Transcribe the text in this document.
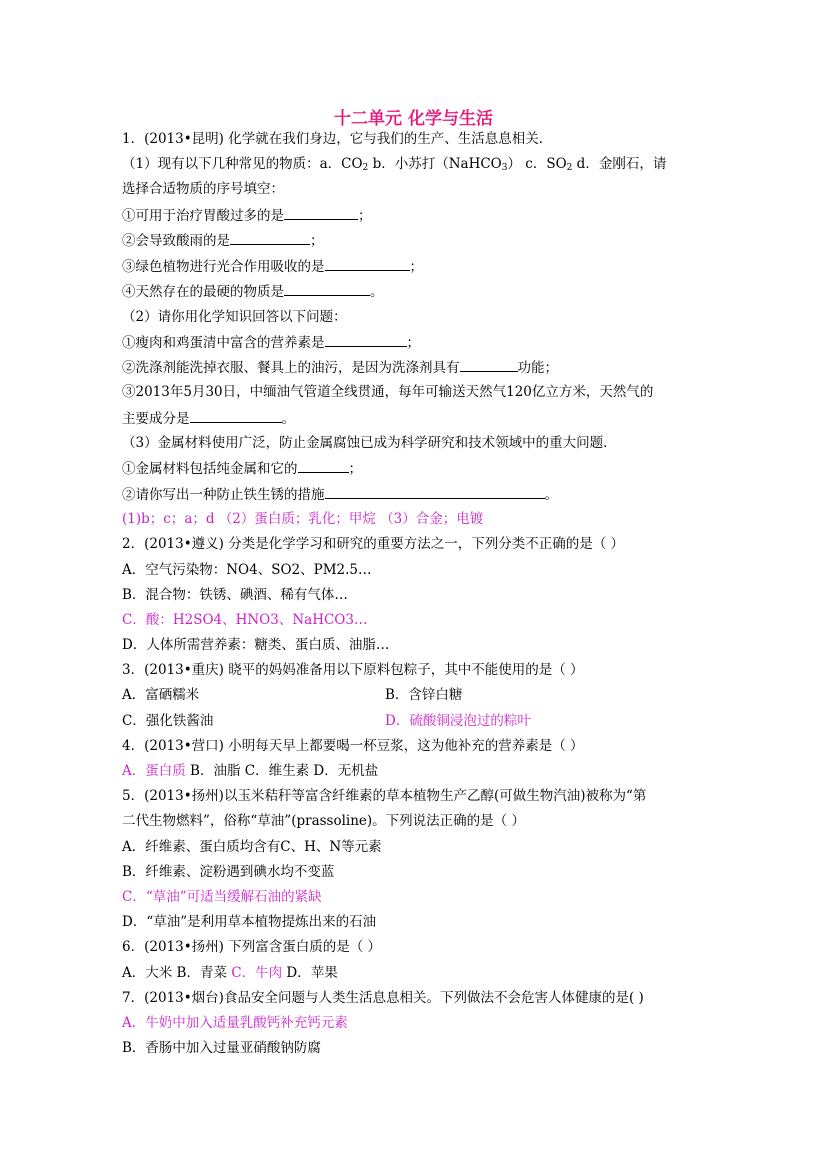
十二单元 化学与生活
1．(2013•昆明) 化学就在我们身边，它与我们的生产、生活息息相关．
（1）现有以下几种常见的物质：a．$CO_2$ b．小苏打（NaHCO$_3$） c．$SO_2$ d．金刚石，请
选择合适物质的序号填空：
①可用于治疗胃酸过多的是	；
②会导致酸雨的是	；
③绿色植物进行光合作用吸收的是	；
④天然存在的最硬的物质是	。
（2）请你用化学知识回答以下问题：
①瘦肉和鸡蛋清中富含的营养素是	；
②洗涤剂能洗掉衣服、餐具上的油污，是因为洗涤剂具有	功能；
③2013年5月30日，中缅油气管道全线贯通，每年可输送天然气120亿立方米，天然气的
主要成分是	。
（3）金属材料使用广泛，防止金属腐蚀已成为科学研究和技术领域中的重大问题．
①金属材料包括纯金属和它的	；
②请你写出一种防止铁生锈的措施	。
(1)b；c；a；d （2）蛋白质；乳化；甲烷 （3）合金；电镀
2．(2013•遵义) 分类是化学学习和研究的重要方法之一，下列分类不正确的是（ ）
A．空气污染物：NO4、SO2、PM2.5…
B．混合物：铁锈、碘酒、稀有气体…
C．酸：H2SO4、HNO3、NaHCO3…
D．人体所需营养素：糖类、蛋白质、油脂…
3．(2013•重庆) 晓平的妈妈准备用以下原料包粽子，其中不能使用的是（ ）
A．富硒糯米	B．含锌白糖
C．强化铁酱油	D．硫酸铜浸泡过的粽叶
4．(2013•营口) 小明每天早上都要喝一杯豆浆，这为他补充的营养素是（ ）
A．蛋白质 B．油脂 C．维生素 D．无机盐
5．(2013•扬州)以玉米秸秆等富含纤维素的草本植物生产乙醇(可做生物汽油)被称为“第
二代生物燃料”，俗称“草油”(prassoline)。下列说法正确的是（ ）
A．纤维素、蛋白质均含有C、H、N等元素
B．纤维素、淀粉遇到碘水均不变蓝
C．“草油”可适当缓解石油的紧缺
D．“草油”是利用草本植物提炼出来的石油
6．(2013•扬州) 下列富含蛋白质的是（ ）
A．大米 B．青菜 C．牛肉 D．苹果
7．(2013•烟台)食品安全问题与人类生活息息相关。下列做法不会危害人体健康的是( )
A．牛奶中加入适量乳酸钙补充钙元素
B．香肠中加入过量亚硝酸钠防腐
